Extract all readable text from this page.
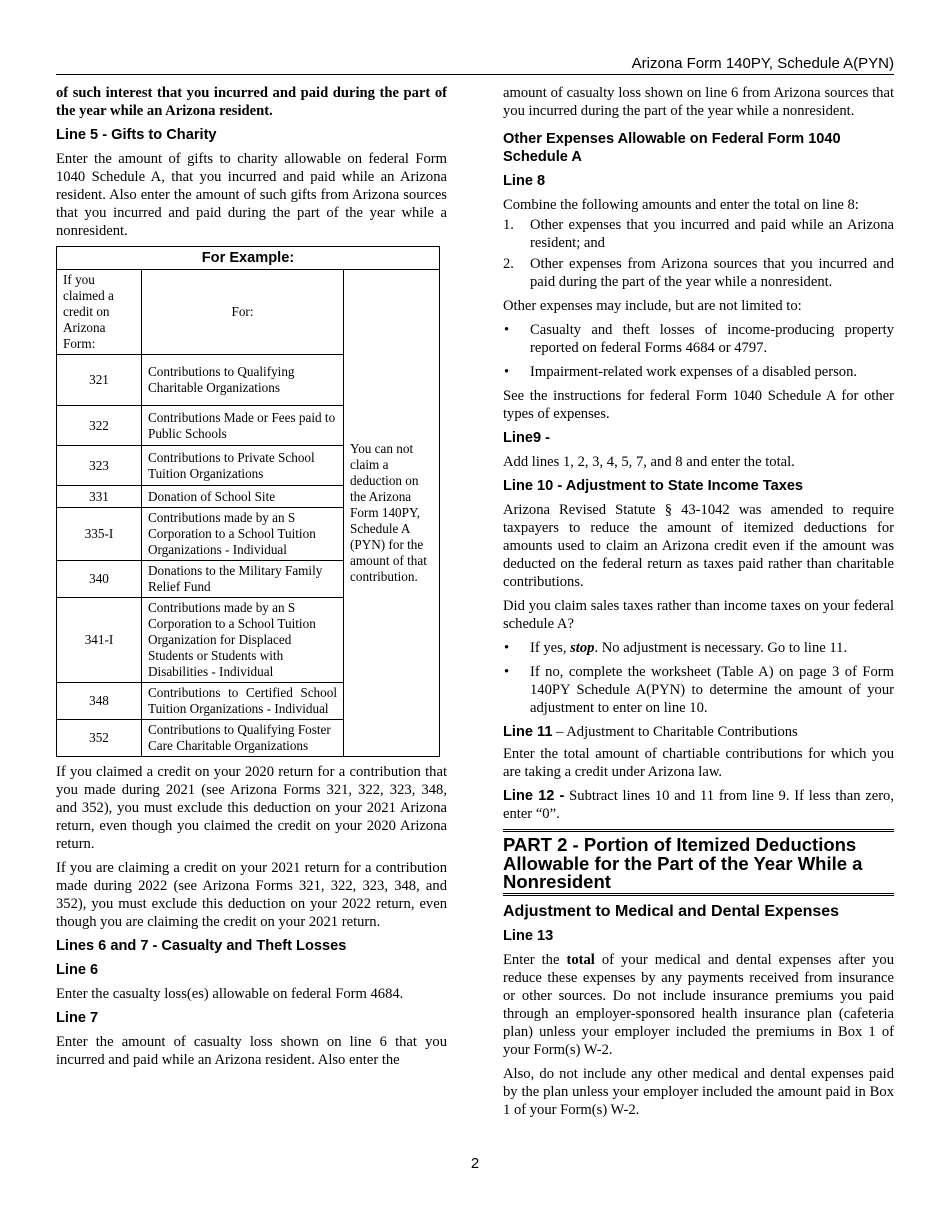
Arizona Form 140PY, Schedule A(PYN)

of such interest that you incurred and paid during the part of the year while an Arizona resident.

Line 5 - Gifts to Charity

Enter the amount of gifts to charity allowable on federal Form 1040 Schedule A, that you incurred and paid while an Arizona resident. Also enter the amount of such gifts from Arizona sources that you incurred and paid during the part of the year while a nonresident.

For Example:		
If you claimed a credit on Arizona Form:	For:	You can not claim a deduction on the Arizona Form 140PY, Schedule A (PYN) for the amount of that contribution.
321	Contributions to Qualifying Charitable Organizations	
322	Contributions Made or Fees paid to Public Schools	
323	Contributions to Private School Tuition Organizations	
331	Donation of School Site	
335-I	Contributions made by an S Corporation to a School Tuition Organizations - Individual	
340	Donations to the Military Family Relief Fund	
341-I	Contributions made by an S Corporation to a School Tuition Organization for Displaced Students or Students with Disabilities - Individual	
348	Contributions to Certified School Tuition Organizations - Individual	
352	Contributions to Qualifying Foster Care Charitable Organizations	

If you claimed a credit on your 2020 return for a contribution that you made during 2021 (see Arizona Forms 321, 322, 323, 348, and 352), you must exclude this deduction on your 2021 Arizona return, even though you claimed the credit on your 2020 Arizona return.

If you are claiming a credit on your 2021 return for a contribution made during 2022 (see Arizona Forms 321, 322, 323, 348, and 352), you must exclude this deduction on your 2022 return, even though you are claiming the credit on your 2021 return.

Lines 6 and 7 - Casualty and Theft Losses
Line 6

Enter the casualty loss(es) allowable on federal Form 4684.

Line 7

Enter the amount of casualty loss shown on line 6 that you incurred and paid while an Arizona resident. Also enter the

amount of casualty loss shown on line 6 from Arizona sources that you incurred during the part of the year while a nonresident.

Other Expenses Allowable on Federal Form 1040 Schedule A
Line 8

Combine the following amounts and enter the total on line 8:

1. Other expenses that you incurred and paid while an Arizona resident; and
2. Other expenses from Arizona sources that you incurred and paid during the part of the year while a nonresident.

Other expenses may include, but are not limited to:

• Casualty and theft losses of income-producing property reported on federal Forms 4684 or 4797.
• Impairment-related work expenses of a disabled person.

See the instructions for federal Form 1040 Schedule A for other types of expenses.

Line9 -

Add lines 1, 2, 3, 4, 5, 7, and 8 and enter the total.

Line 10 - Adjustment to State Income Taxes

Arizona Revised Statute § 43-1042 was amended to require taxpayers to reduce the amount of itemized deductions for amounts used to claim an Arizona credit even if the amount was deducted on the federal return as taxes paid rather than charitable contributions.

Did you claim sales taxes rather than income taxes on your federal schedule A?

• If yes, stop. No adjustment is necessary. Go to line 11.
• If no, complete the worksheet (Table A) on page 3 of Form 140PY Schedule A(PYN) to determine the amount of your adjustment to enter on line 10.

Line 11 – Adjustment to Charitable Contributions

Enter the total amount of chartiable contributions for which you are taking a credit under Arizona law.

Line 12 - Subtract lines 10 and 11 from line 9. If less than zero, enter “0”.

PART 2 - Portion of Itemized Deductions Allowable for the Part of the Year While a Nonresident
Adjustment to Medical and Dental Expenses
Line 13

Enter the total of your medical and dental expenses after you reduce these expenses by any payments received from insurance or other sources. Do not include insurance premiums you paid through an employer-sponsored health insurance plan (cafeteria plan) unless your employer included the premiums in Box 1 of your Form(s) W-2.

Also, do not include any other medical and dental expenses paid by the plan unless your employer included the amount paid in Box 1 of your Form(s) W-2.

2
